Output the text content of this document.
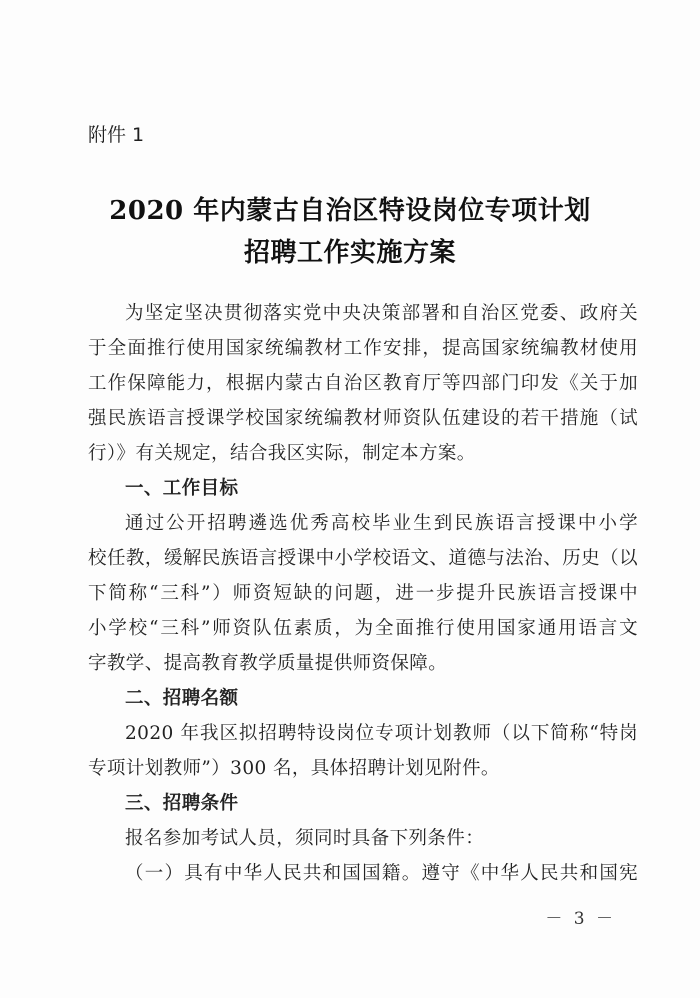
附件 1
2020 年内蒙古自治区特设岗位专项计划
招聘工作实施方案
为坚定坚决贯彻落实党中央决策部署和自治区党委、政府关
于全面推行使用国家统编教材工作安排，提高国家统编教材使用
工作保障能力，根据内蒙古自治区教育厅等四部门印发《关于加
强民族语言授课学校国家统编教材师资队伍建设的若干措施（试
行）》有关规定，结合我区实际，制定本方案。
一、工作目标
通过公开招聘遴选优秀高校毕业生到民族语言授课中小学
校任教，缓解民族语言授课中小学校语文、道德与法治、历史（以
下简称“三科”）师资短缺的问题，进一步提升民族语言授课中
小学校“三科”师资队伍素质，为全面推行使用国家通用语言文
字教学、提高教育教学质量提供师资保障。
二、招聘名额
2020 年我区拟招聘特设岗位专项计划教师（以下简称“特岗
专项计划教师”）300 名，具体招聘计划见附件。
三、招聘条件
报名参加考试人员，须同时具备下列条件：
（一）具有中华人民共和国国籍。遵守《中华人民共和国宪
－ 3 －
